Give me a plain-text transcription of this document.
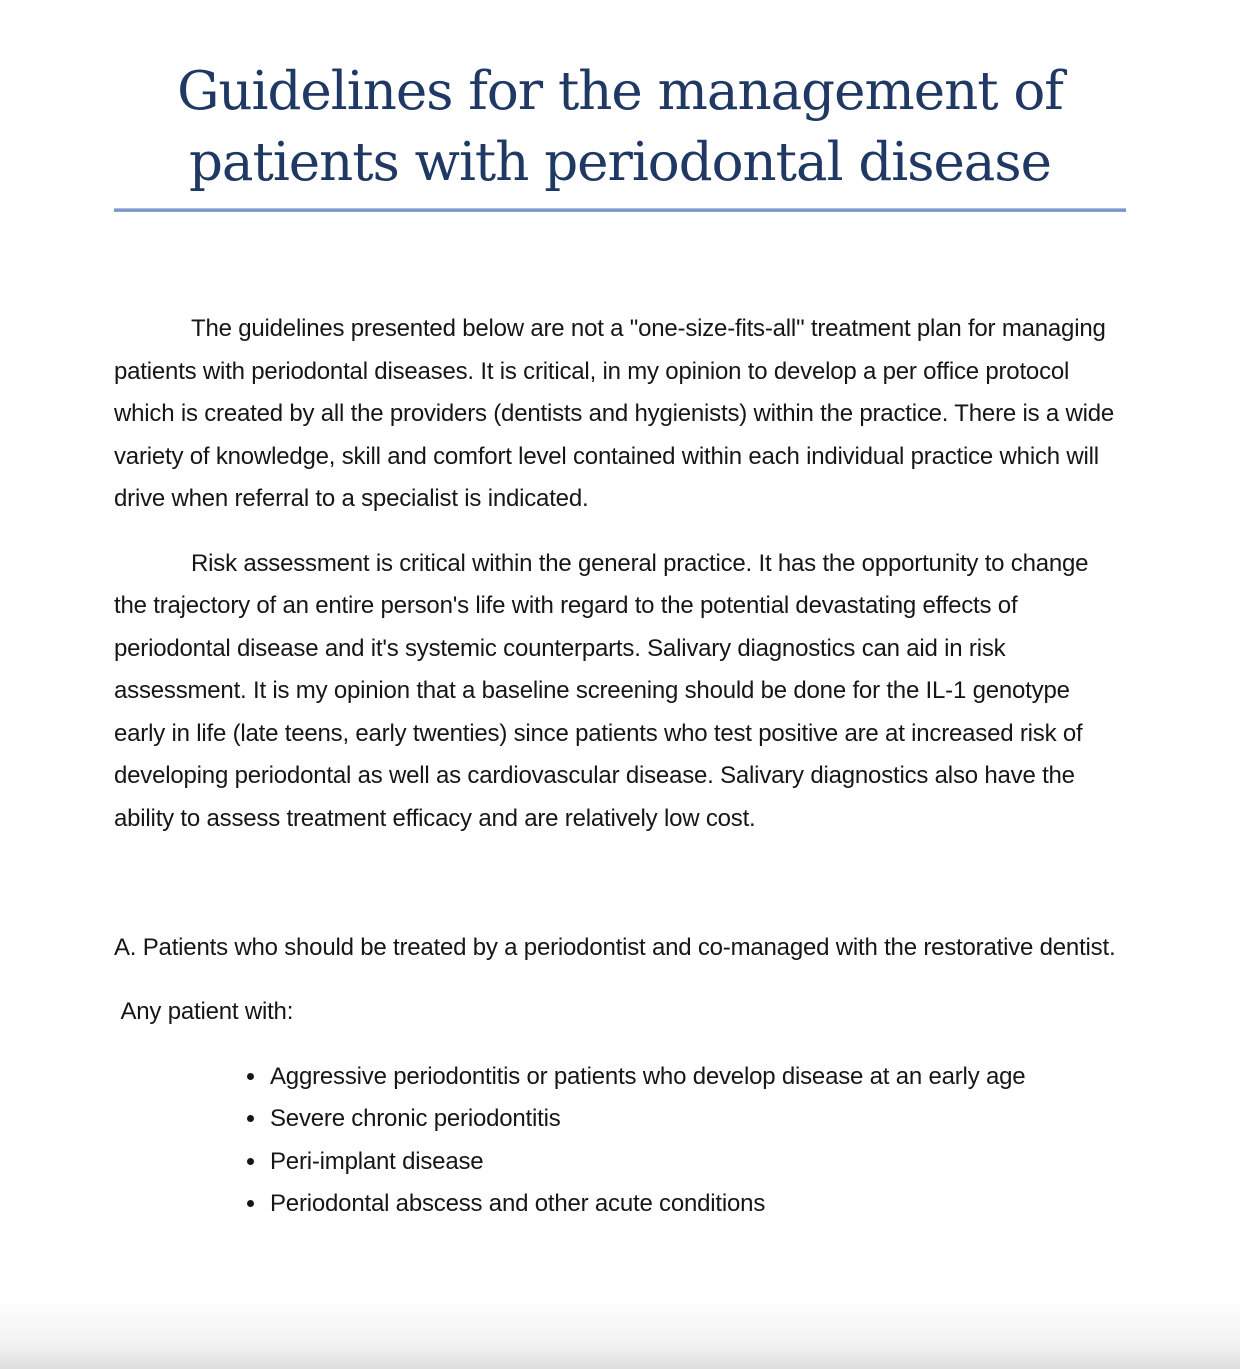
Guidelines for the management of patients with periodontal disease

The guidelines presented below are not a "one-size-fits-all" treatment plan for managing patients with periodontal diseases. It is critical, in my opinion to develop a per office protocol which is created by all the providers (dentists and hygienists) within the practice. There is a wide variety of knowledge, skill and comfort level contained within each individual practice which will drive when referral to a specialist is indicated.

Risk assessment is critical within the general practice. It has the opportunity to change the trajectory of an entire person's life with regard to the potential devastating effects of periodontal disease and it's systemic counterparts. Salivary diagnostics can aid in risk assessment. It is my opinion that a baseline screening should be done for the IL-1 genotype early in life (late teens, early twenties) since patients who test positive are at increased risk of developing periodontal as well as cardiovascular disease. Salivary diagnostics also have the ability to assess treatment efficacy and are relatively low cost.

A. Patients who should be treated by a periodontist and co-managed with the restorative dentist.

Any patient with:

• Aggressive periodontitis or patients who develop disease at an early age
• Severe chronic periodontitis
• Peri-implant disease
• Periodontal abscess and other acute conditions
